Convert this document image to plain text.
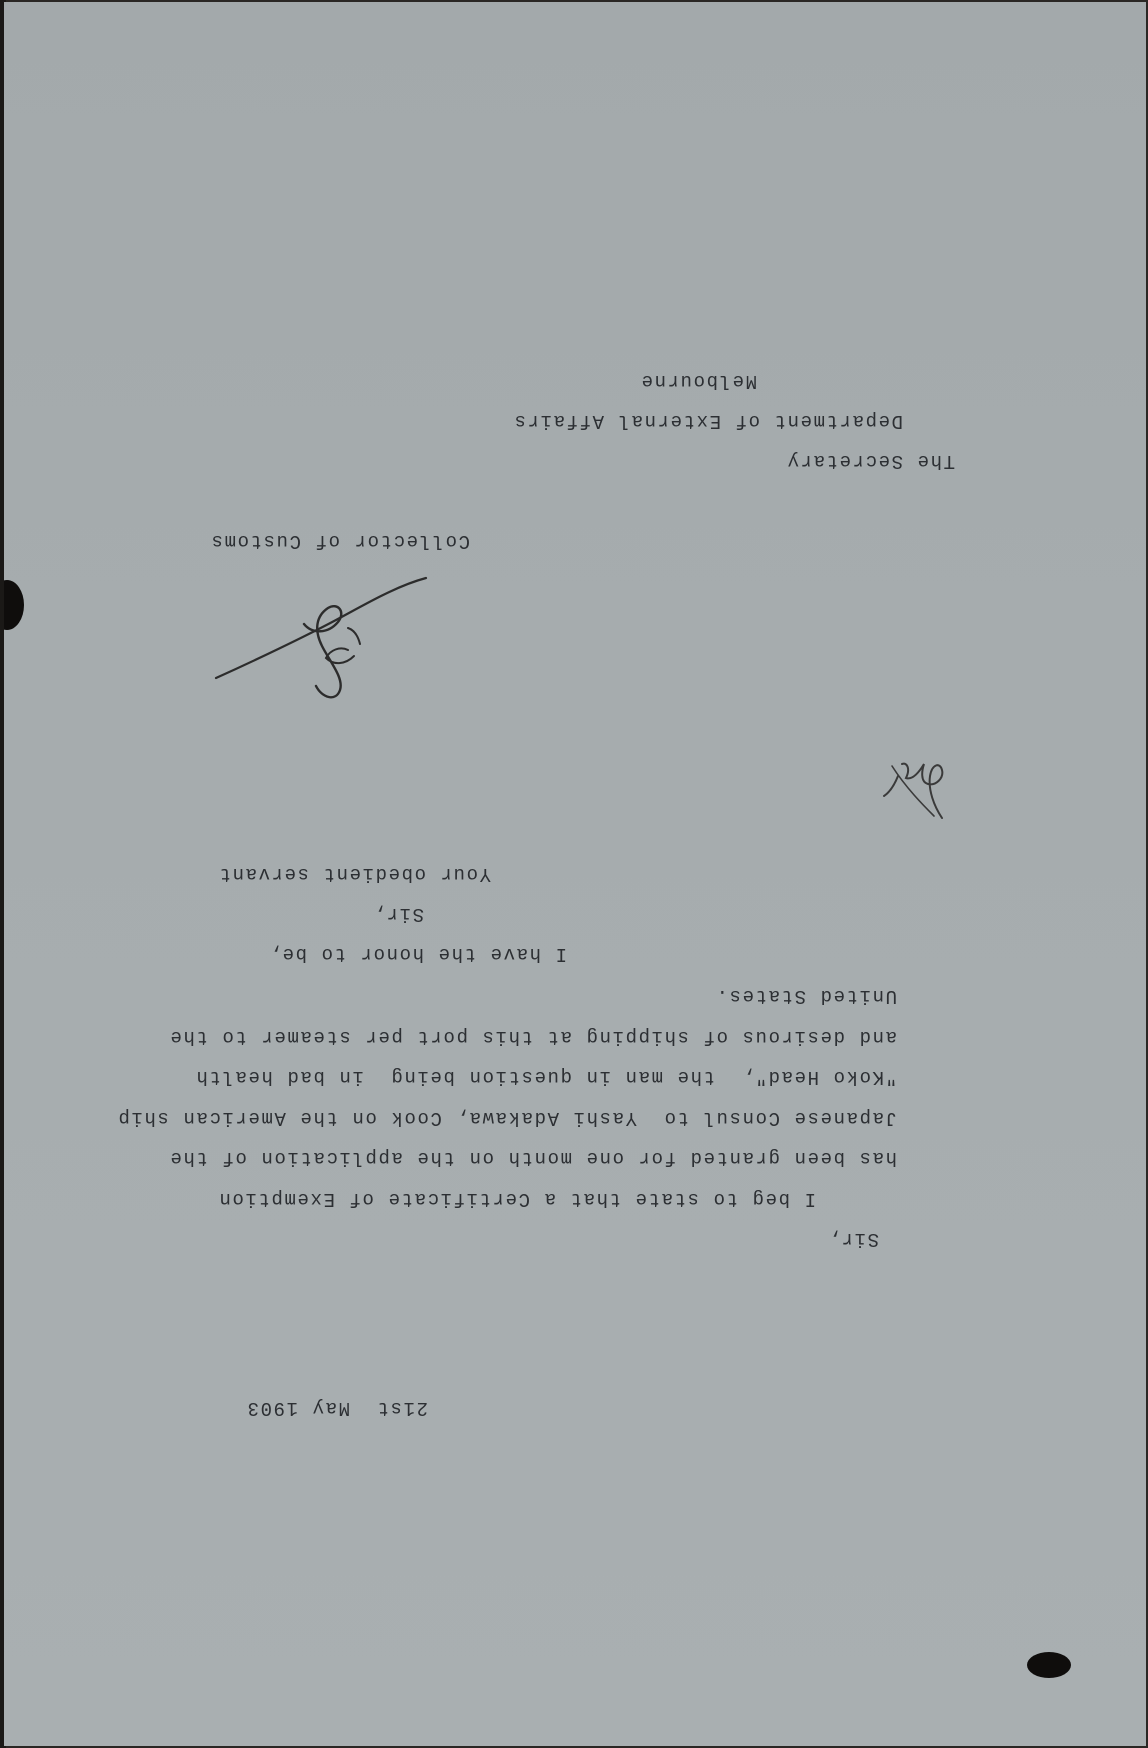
21st  May 1903
Sir,
I beg to state that a Certificate of Exemption
has been granted for one month on the application of the
Japanese Consul to  Yashi Adakawa, Cook on the American ship
"Koko Head",  the man in question being  in bad health
and desirous of shipping at this port per steamer to the
United States.
I have the honor to be,
Sir,
Your obedient servant
Collector of Customs
The Secretary
Department of External Affairs
Melbourne
